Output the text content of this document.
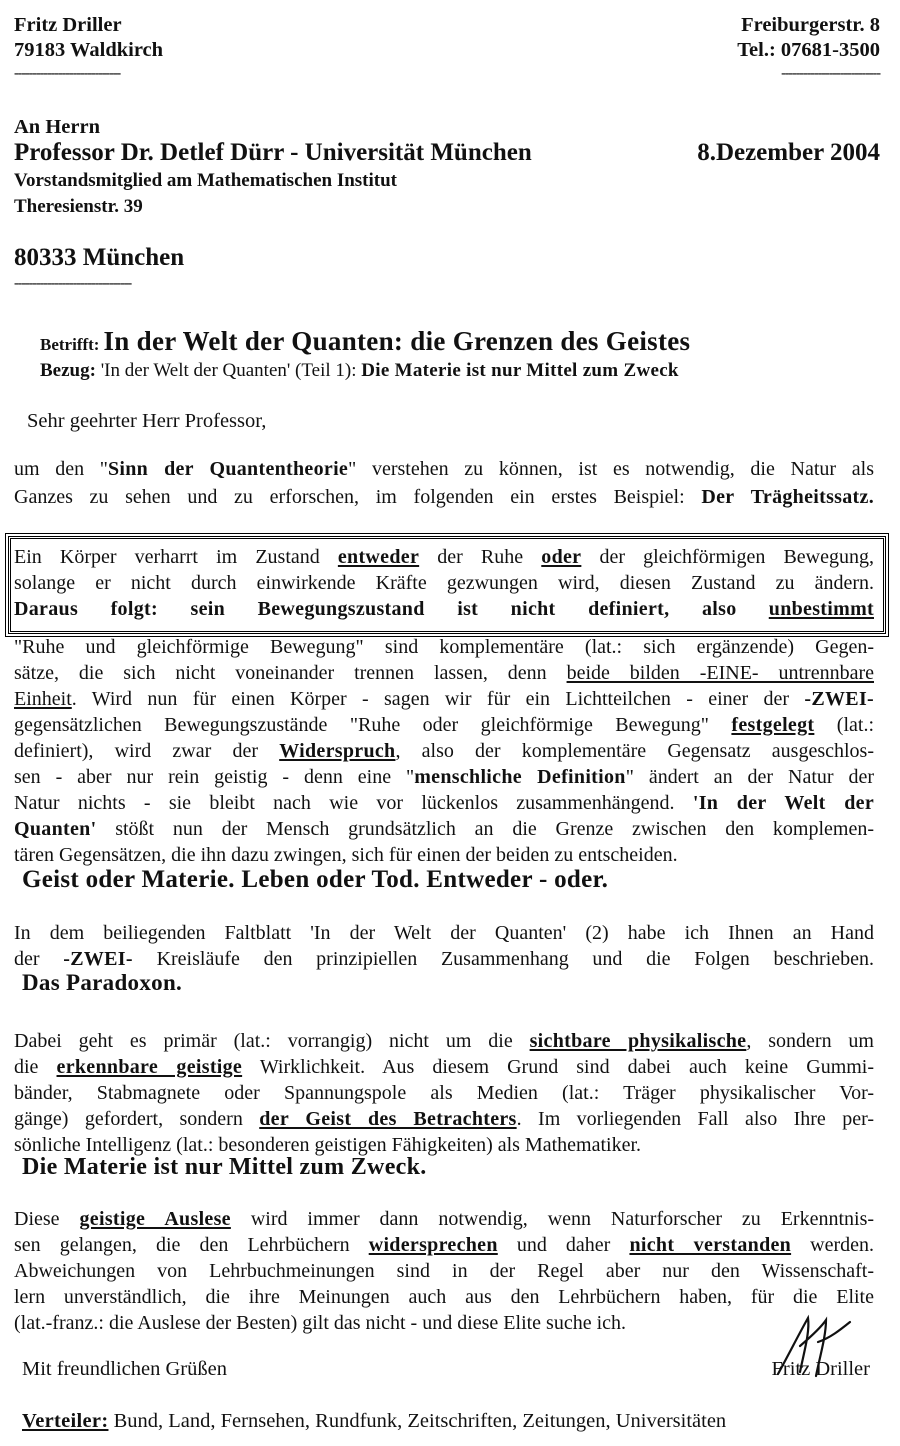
Fritz Driller
79183 Waldkirch
-----------------------------
Freiburgerstr. 8
Tel.: 07681-3500
---------------------------
An Herrn
Professor Dr. Detlef Dürr - Universität München	8.Dezember 2004
Vorstandsmitglied am Mathematischen Institut
Theresienstr. 39
80333 München
--------------------------------
Betrifft: In der Welt der Quanten: die Grenzen des Geistes
Bezug: 'In der Welt der Quanten' (Teil 1): Die Materie ist nur Mittel zum Zweck
Sehr geehrter Herr Professor,
um den "Sinn der Quantentheorie" verstehen zu können, ist es notwendig, die Natur als
Ganzes zu sehen und zu erforschen, im folgenden ein erstes Beispiel: Der Trägheitssatz.
Ein Körper verharrt im Zustand entweder der Ruhe oder der gleichförmigen Bewegung,
solange er nicht durch einwirkende Kräfte gezwungen wird, diesen Zustand zu ändern.
Daraus folgt: sein Bewegungszustand ist nicht definiert, also unbestimmt
"Ruhe und gleichförmige Bewegung" sind komplementäre (lat.: sich ergänzende) Gegen-
sätze, die sich nicht voneinander trennen lassen, denn beide bilden -EINE- untrennbare
Einheit. Wird nun für einen Körper - sagen wir für ein Lichtteilchen - einer der -ZWEI-
gegensätzlichen Bewegungszustände "Ruhe oder gleichförmige Bewegung" festgelegt (lat.:
definiert), wird zwar der Widerspruch, also der komplementäre Gegensatz ausgeschlos-
sen - aber nur rein geistig - denn eine "menschliche Definition" ändert an der Natur der
Natur nichts - sie bleibt nach wie vor lückenlos zusammenhängend. 'In der Welt der
Quanten' stößt nun der Mensch grundsätzlich an die Grenze zwischen den komplemen-
tären Gegensätzen, die ihn dazu zwingen, sich für einen der beiden zu entscheiden.
Geist oder Materie. Leben oder Tod. Entweder - oder.
In dem beiliegenden Faltblatt 'In der Welt der Quanten' (2) habe ich Ihnen an Hand
der -ZWEI- Kreisläufe den prinzipiellen Zusammenhang und die Folgen beschrieben.
Das Paradoxon.
Dabei geht es primär (lat.: vorrangig) nicht um die sichtbare physikalische, sondern um
die erkennbare geistige Wirklichkeit. Aus diesem Grund sind dabei auch keine Gummi-
bänder, Stabmagnete oder Spannungspole als Medien (lat.: Träger physikalischer Vor-
gänge) gefordert, sondern der Geist des Betrachters. Im vorliegenden Fall also Ihre per-
sönliche Intelligenz (lat.: besonderen geistigen Fähigkeiten) als Mathematiker.
Die Materie ist nur Mittel zum Zweck.
Diese geistige Auslese wird immer dann notwendig, wenn Naturforscher zu Erkenntnis-
sen gelangen, die den Lehrbüchern widersprechen und daher nicht verstanden werden.
Abweichungen von Lehrbuchmeinungen sind in der Regel aber nur den Wissenschaft-
lern unverständlich, die ihre Meinungen auch aus den Lehrbüchern haben, für die Elite
(lat.-franz.: die Auslese der Besten) gilt das nicht - und diese Elite suche ich.
Mit freundlichen Grüßen	Fritz Driller
Verteiler: Bund, Land, Fernsehen, Rundfunk, Zeitschriften, Zeitungen, Universitäten
